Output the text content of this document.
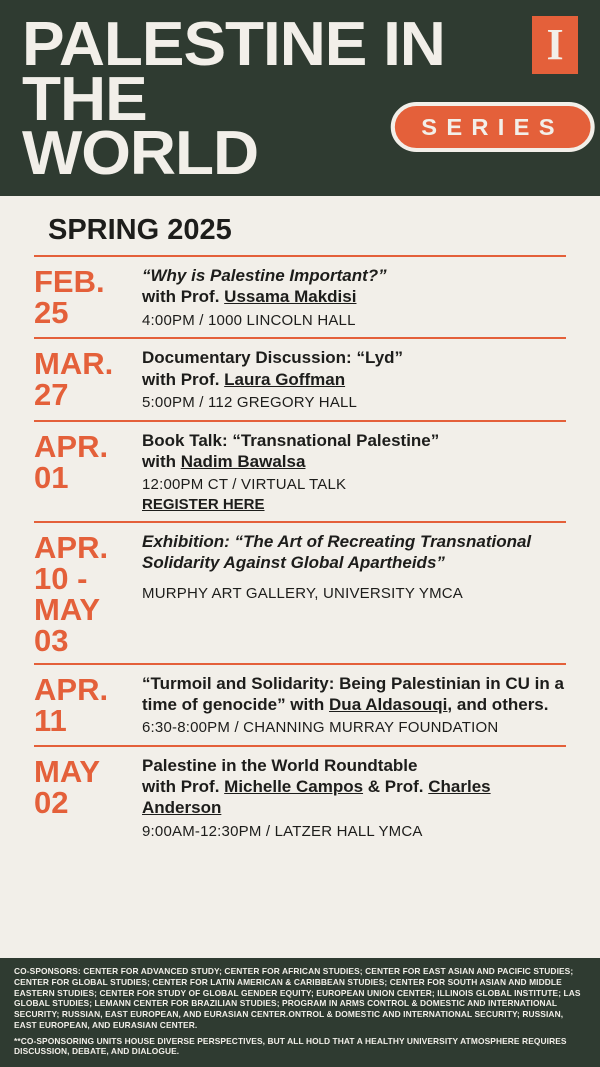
PALESTINE IN
THE WORLD	SERIES
I
SPRING 2025
FEB.
25
“Why is Palestine Important?”
with Prof. Ussama Makdisi
4:00PM / 1000 LINCOLN HALL
MAR.
27
Documentary Discussion: “Lyd”
with Prof. Laura Goffman
5:00PM / 112 GREGORY HALL
APR.
01
Book Talk: “Transnational Palestine”
with Nadim Bawalsa
12:00PM CT / VIRTUAL TALK
REGISTER HERE
APR.
10 -
MAY
03
Exhibition: “The Art of Recreating Transnational Solidarity Against Global Apartheids”
MURPHY ART GALLERY, UNIVERSITY YMCA
APR.
11
“Turmoil and Solidarity: Being Palestinian in CU in a time of genocide” with Dua Aldasouqi, and others.
6:30-8:00PM / CHANNING MURRAY FOUNDATION
MAY
02
Palestine in the World Roundtable
with Prof. Michelle Campos & Prof. Charles Anderson
9:00AM-12:30PM / LATZER HALL YMCA

CO-SPONSORS: CENTER FOR ADVANCED STUDY; CENTER FOR AFRICAN STUDIES; CENTER FOR EAST ASIAN AND PACIFIC STUDIES; CENTER FOR GLOBAL STUDIES; CENTER FOR LATIN AMERICAN & CARIBBEAN STUDIES; CENTER FOR SOUTH ASIAN AND MIDDLE EASTERN STUDIES; CENTER FOR STUDY OF GLOBAL GENDER EQUITY; EUROPEAN UNION CENTER; ILLINOIS GLOBAL INSTITUTE; LAS GLOBAL STUDIES; LEMANN CENTER FOR BRAZILIAN STUDIES; PROGRAM IN ARMS CONTROL & DOMESTIC AND INTERNATIONAL SECURITY; RUSSIAN, EAST EUROPEAN, AND EURASIAN CENTER.ONTROL & DOMESTIC AND INTERNATIONAL SECURITY; RUSSIAN, EAST EUROPEAN, AND EURASIAN CENTER.

**CO-SPONSORING UNITS HOUSE DIVERSE PERSPECTIVES, BUT ALL HOLD THAT A HEALTHY UNIVERSITY ATMOSPHERE REQUIRES DISCUSSION, DEBATE, AND DIALOGUE.
